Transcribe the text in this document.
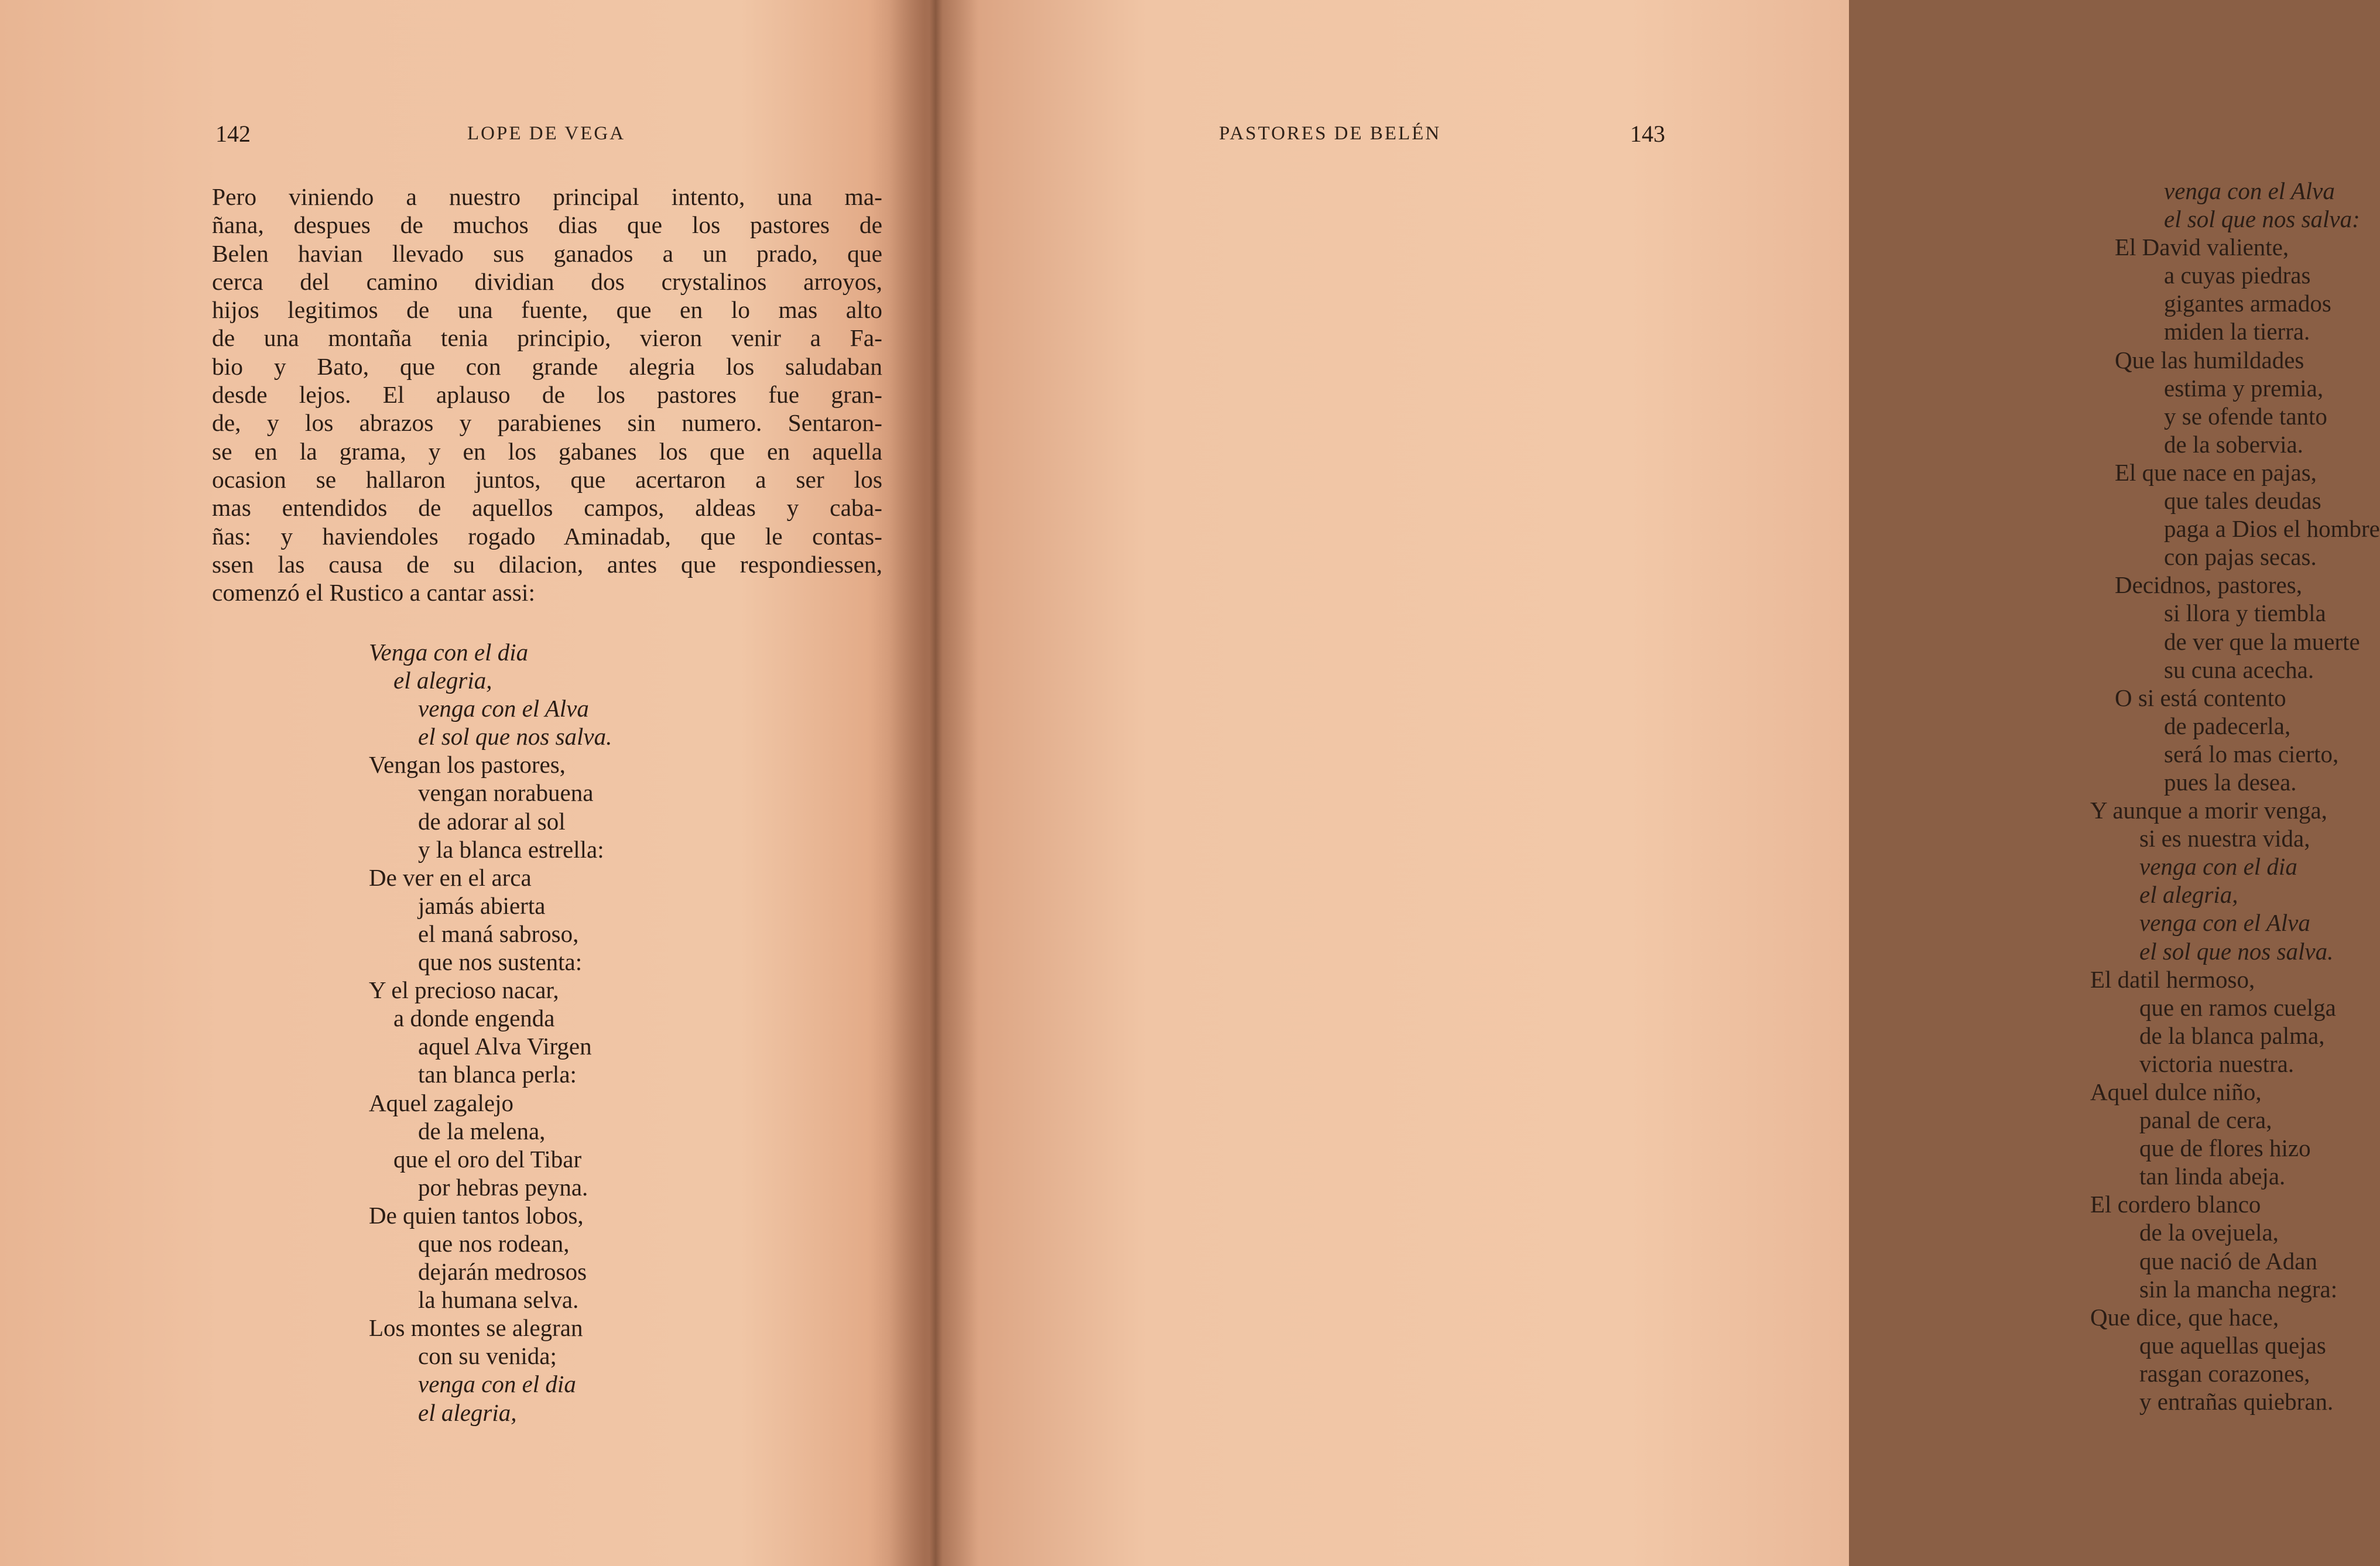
142	LOPE DE VEGA
Pero viniendo a nuestro principal intento, una ma-
ñana, despues de muchos dias que los pastores de
Belen havian llevado sus ganados a un prado, que
cerca del camino dividian dos crystalinos arroyos,
hijos legitimos de una fuente, que en lo mas alto
de una montaña tenia principio, vieron venir a Fa-
bio y Bato, que con grande alegria los saludaban
desde lejos. El aplauso de los pastores fue gran-
de, y los abrazos y parabienes sin numero. Sentaron-
se en la grama, y en los gabanes los que en aquella
ocasion se hallaron juntos, que acertaron a ser los
mas entendidos de aquellos campos, aldeas y caba-
ñas: y haviendoles rogado Aminadab, que le contas-
ssen las causa de su dilacion, antes que respondiessen,
comenzó el Rustico a cantar assi:
Venga con el dia
el alegria,
venga con el Alva
el sol que nos salva.
Vengan los pastores,
vengan norabuena
de adorar al sol
y la blanca estrella:
De ver en el arca
jamás abierta
el maná sabroso,
que nos sustenta:
Y el precioso nacar,
a donde engenda
aquel Alva Virgen
tan blanca perla:
Aquel zagalejo
de la melena,
que el oro del Tibar
por hebras peyna.
De quien tantos lobos,
que nos rodean,
dejarán medrosos
la humana selva.
Los montes se alegran
con su venida;
venga con el dia
el alegria,
PASTORES DE BELÉN	143
venga con el Alva
el sol que nos salva:
El David valiente,
a cuyas piedras
gigantes armados
miden la tierra.
Que las humildades
estima y premia,
y se ofende tanto
de la sobervia.
El que nace en pajas,
que tales deudas
paga a Dios el hombre
con pajas secas.
Decidnos, pastores,
si llora y tiembla
de ver que la muerte
su cuna acecha.
O si está contento
de padecerla,
será lo mas cierto,
pues la desea.
Y aunque a morir venga,
si es nuestra vida,
venga con el dia
el alegria,
venga con el Alva
el sol que nos salva.
El datil hermoso,
que en ramos cuelga
de la blanca palma,
victoria nuestra.
Aquel dulce niño,
panal de cera,
que de flores hizo
tan linda abeja.
El cordero blanco
de la ovejuela,
que nació de Adan
sin la mancha negra:
Que dice, que hace,
que aquellas quejas
rasgan corazones,
y entrañas quiebran.
